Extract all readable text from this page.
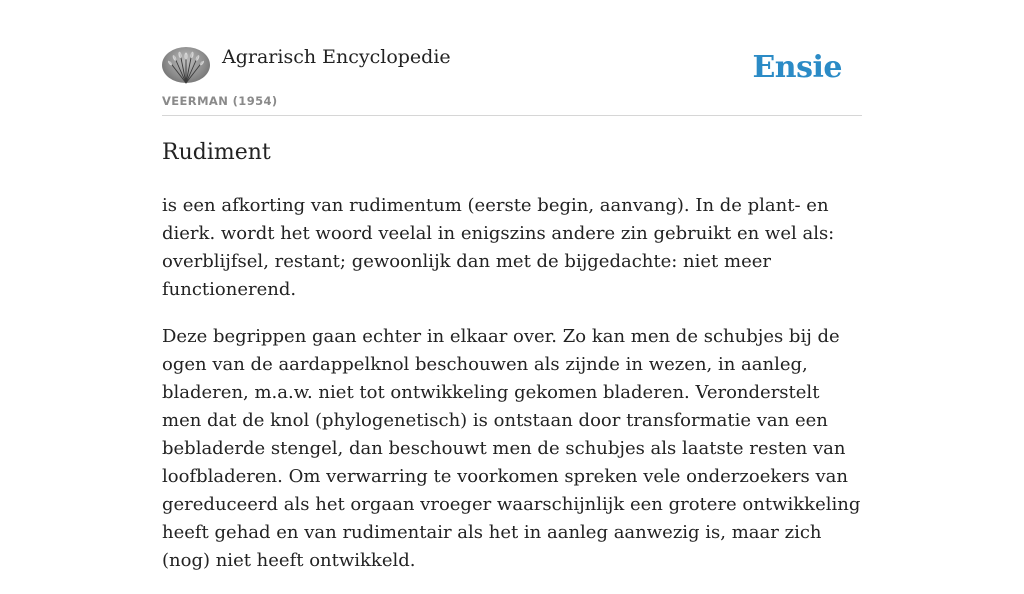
Agrarisch Encyclopedie
VEERMAN (1954)
Ensie
Rudiment

is een afkorting van rudimentum (eerste begin, aanvang). In de plant- en dierk. wordt het woord veelal in enigszins andere zin gebruikt en wel als: overblijfsel, restant; gewoonlijk dan met de bijgedachte: niet meer functionerend.

Deze begrippen gaan echter in elkaar over. Zo kan men de schubjes bij de ogen van de aardappelknol beschouwen als zijnde in wezen, in aanleg, bladeren, m.a.w. niet tot ontwikkeling gekomen bladeren. Veronderstelt men dat de knol (phylogenetisch) is ontstaan door transformatie van een bebladerde stengel, dan beschouwt men de schubjes als laatste resten van loofbladeren. Om verwarring te voorkomen spreken vele onderzoekers van gereduceerd als het orgaan vroeger waarschijnlijk een grotere ontwikkeling heeft gehad en van rudimentair als het in aanleg aanwezig is, maar zich (nog) niet heeft ontwikkeld.
